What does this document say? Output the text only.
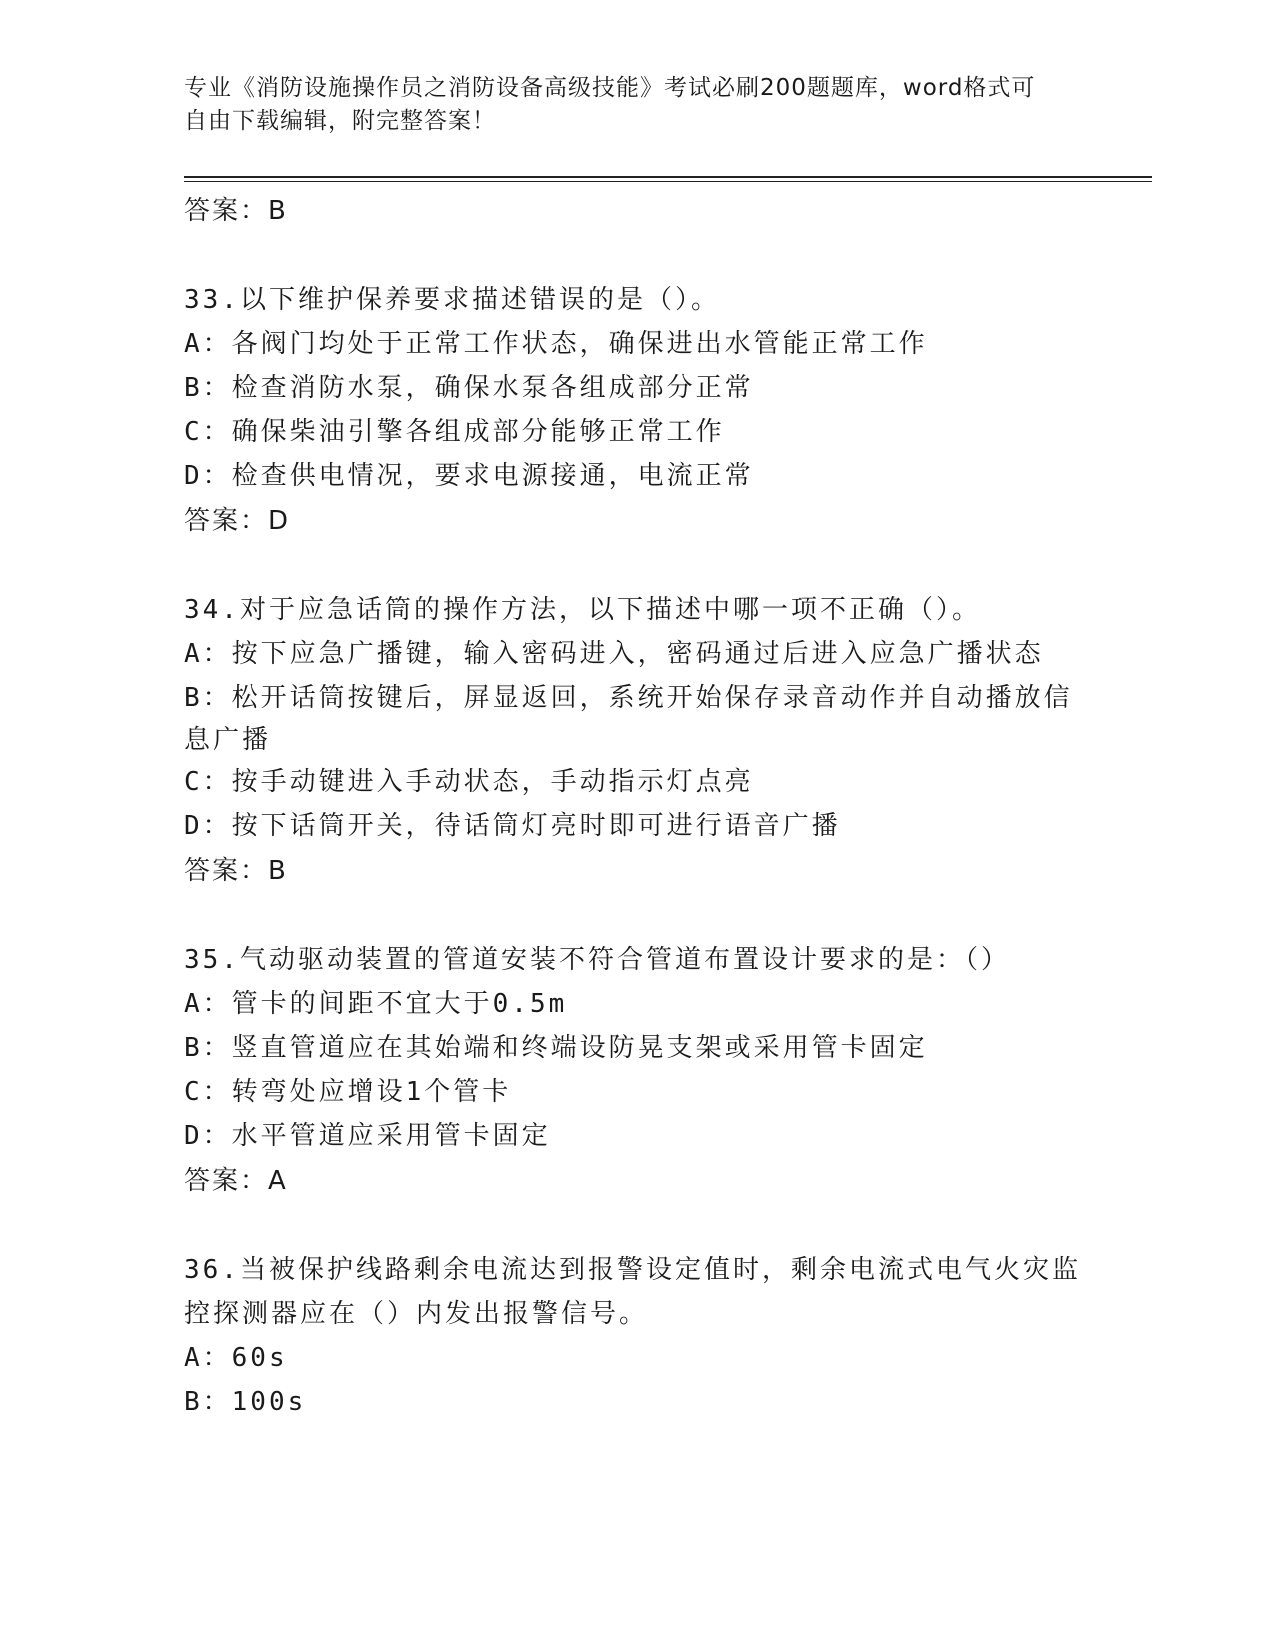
专业《消防设施操作员之消防设备高级技能》考试必刷200题题库，word格式可
自由下载编辑，附完整答案！
答案：B
33.以下维护保养要求描述错误的是（）。
A：各阀门均处于正常工作状态，确保进出水管能正常工作
B：检查消防水泵，确保水泵各组成部分正常
C：确保柴油引擎各组成部分能够正常工作
D：检查供电情况，要求电源接通，电流正常
答案：D
34.对于应急话筒的操作方法，以下描述中哪一项不正确（）。
A：按下应急广播键，输入密码进入，密码通过后进入应急广播状态
B：松开话筒按键后，屏显返回，系统开始保存录音动作并自动播放信
息广播
C：按手动键进入手动状态，手动指示灯点亮
D：按下话筒开关，待话筒灯亮时即可进行语音广播
答案：B
35.气动驱动装置的管道安装不符合管道布置设计要求的是：（）
A：管卡的间距不宜大于0.5m
B：竖直管道应在其始端和终端设防晃支架或采用管卡固定
C：转弯处应增设1个管卡
D：水平管道应采用管卡固定
答案：A
36.当被保护线路剩余电流达到报警设定值时，剩余电流式电气火灾监
控探测器应在（）内发出报警信号。
A：60s
B：100s
